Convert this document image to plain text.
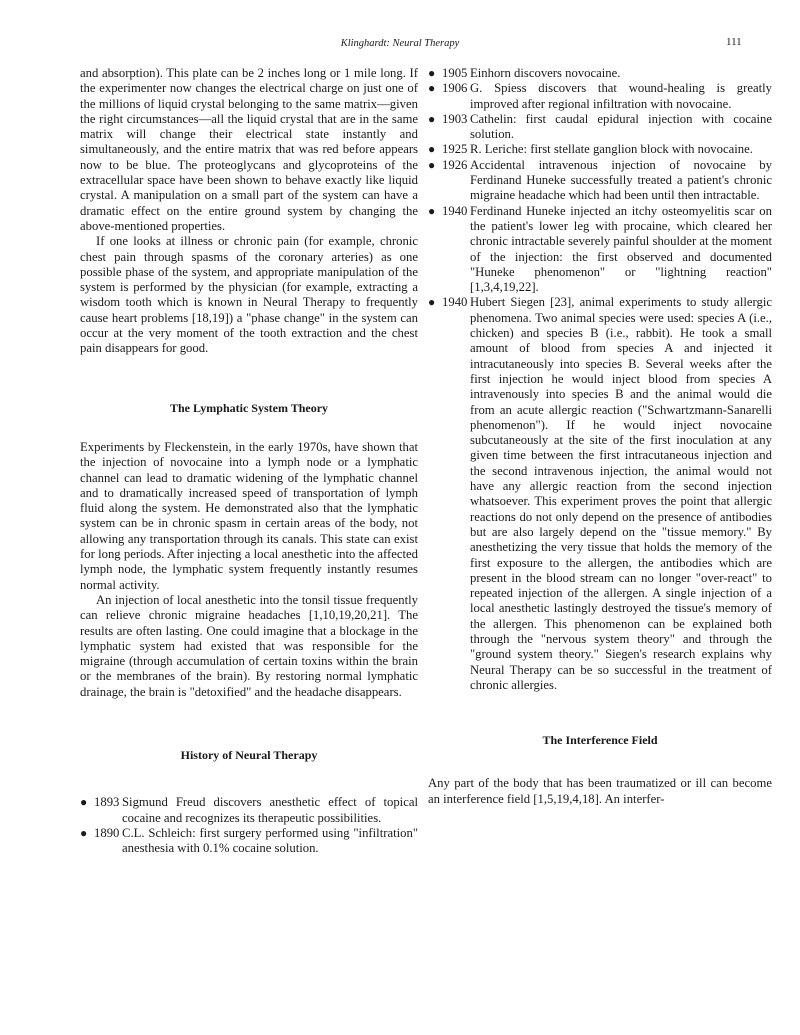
Klinghardt: Neural Therapy	111

and absorption). This plate can be 2 inches long or 1 mile long. If the experimenter now changes the electrical charge on just one of the millions of liquid crystal belonging to the same matrix—given the right circumstances—all the liquid crystal that are in the same matrix will change their electrical state instantly and simultaneously, and the entire matrix that was red before appears now to be blue. The proteoglycans and glycoproteins of the extracellular space have been shown to behave exactly like liquid crystal. A manipulation on a small part of the system can have a dramatic effect on the entire ground system by changing the above-mentioned properties.

If one looks at illness or chronic pain (for example, chronic chest pain through spasms of the coronary arteries) as one possible phase of the system, and appropriate manipulation of the system is performed by the physician (for example, extracting a wisdom tooth which is known in Neural Therapy to frequently cause heart problems [18,19]) a "phase change" in the system can occur at the very moment of the tooth extraction and the chest pain disappears for good.

The Lymphatic System Theory

Experiments by Fleckenstein, in the early 1970s, have shown that the injection of novocaine into a lymph node or a lymphatic channel can lead to dramatic widening of the lymphatic channel and to dramatically increased speed of transportation of lymph fluid along the system. He demonstrated also that the lymphatic system can be in chronic spasm in certain areas of the body, not allowing any transportation through its canals. This state can exist for long periods. After injecting a local anesthetic into the affected lymph node, the lymphatic system frequently instantly resumes normal activity.

An injection of local anesthetic into the tonsil tissue frequently can relieve chronic migraine headaches [1,10,19,20,21]. The results are often lasting. One could imagine that a blockage in the lymphatic system had existed that was responsible for the migraine (through accumulation of certain toxins within the brain or the membranes of the brain). By restoring normal lymphatic drainage, the brain is "detoxified" and the headache disappears.

History of Neural Therapy

● 1893 Sigmund Freud discovers anesthetic effect of topical cocaine and recognizes its therapeutic possibilities.
● 1890 C.L. Schleich: first surgery performed using "infiltration" anesthesia with 0.1% cocaine solution.
● 1905 Einhorn discovers novocaine.
● 1906 G. Spiess discovers that wound-healing is greatly improved after regional infiltration with novocaine.
● 1903 Cathelin: first caudal epidural injection with cocaine solution.
● 1925 R. Leriche: first stellate ganglion block with novocaine.
● 1926 Accidental intravenous injection of novocaine by Ferdinand Huneke successfully treated a patient's chronic migraine headache which had been until then intractable.
● 1940 Ferdinand Huneke injected an itchy osteomyelitis scar on the patient's lower leg with procaine, which cleared her chronic intractable severely painful shoulder at the moment of the injection: the first observed and documented "Huneke phenomenon" or "lightning reaction" [1,3,4,19,22].
● 1940 Hubert Siegen [23], animal experiments to study allergic phenomena. Two animal species were used: species A (i.e., chicken) and species B (i.e., rabbit). He took a small amount of blood from species A and injected it intracutaneously into species B. Several weeks after the first injection he would inject blood from species A intravenously into species B and the animal would die from an acute allergic reaction ("Schwartzmann-Sanarelli phenomenon"). If he would inject novocaine subcutaneously at the site of the first inoculation at any given time between the first intracutaneous injection and the second intravenous injection, the animal would not have any allergic reaction from the second injection whatsoever. This experiment proves the point that allergic reactions do not only depend on the presence of antibodies but are also largely depend on the "tissue memory." By anesthetizing the very tissue that holds the memory of the first exposure to the allergen, the antibodies which are present in the blood stream can no longer "over-react" to repeated injection of the allergen. A single injection of a local anesthetic lastingly destroyed the tissue's memory of the allergen. This phenomenon can be explained both through the "nervous system theory" and through the "ground system theory." Siegen's research explains why Neural Therapy can be so successful in the treatment of chronic allergies.

The Interference Field

Any part of the body that has been traumatized or ill can become an interference field [1,5,19,4,18]. An interfer-
